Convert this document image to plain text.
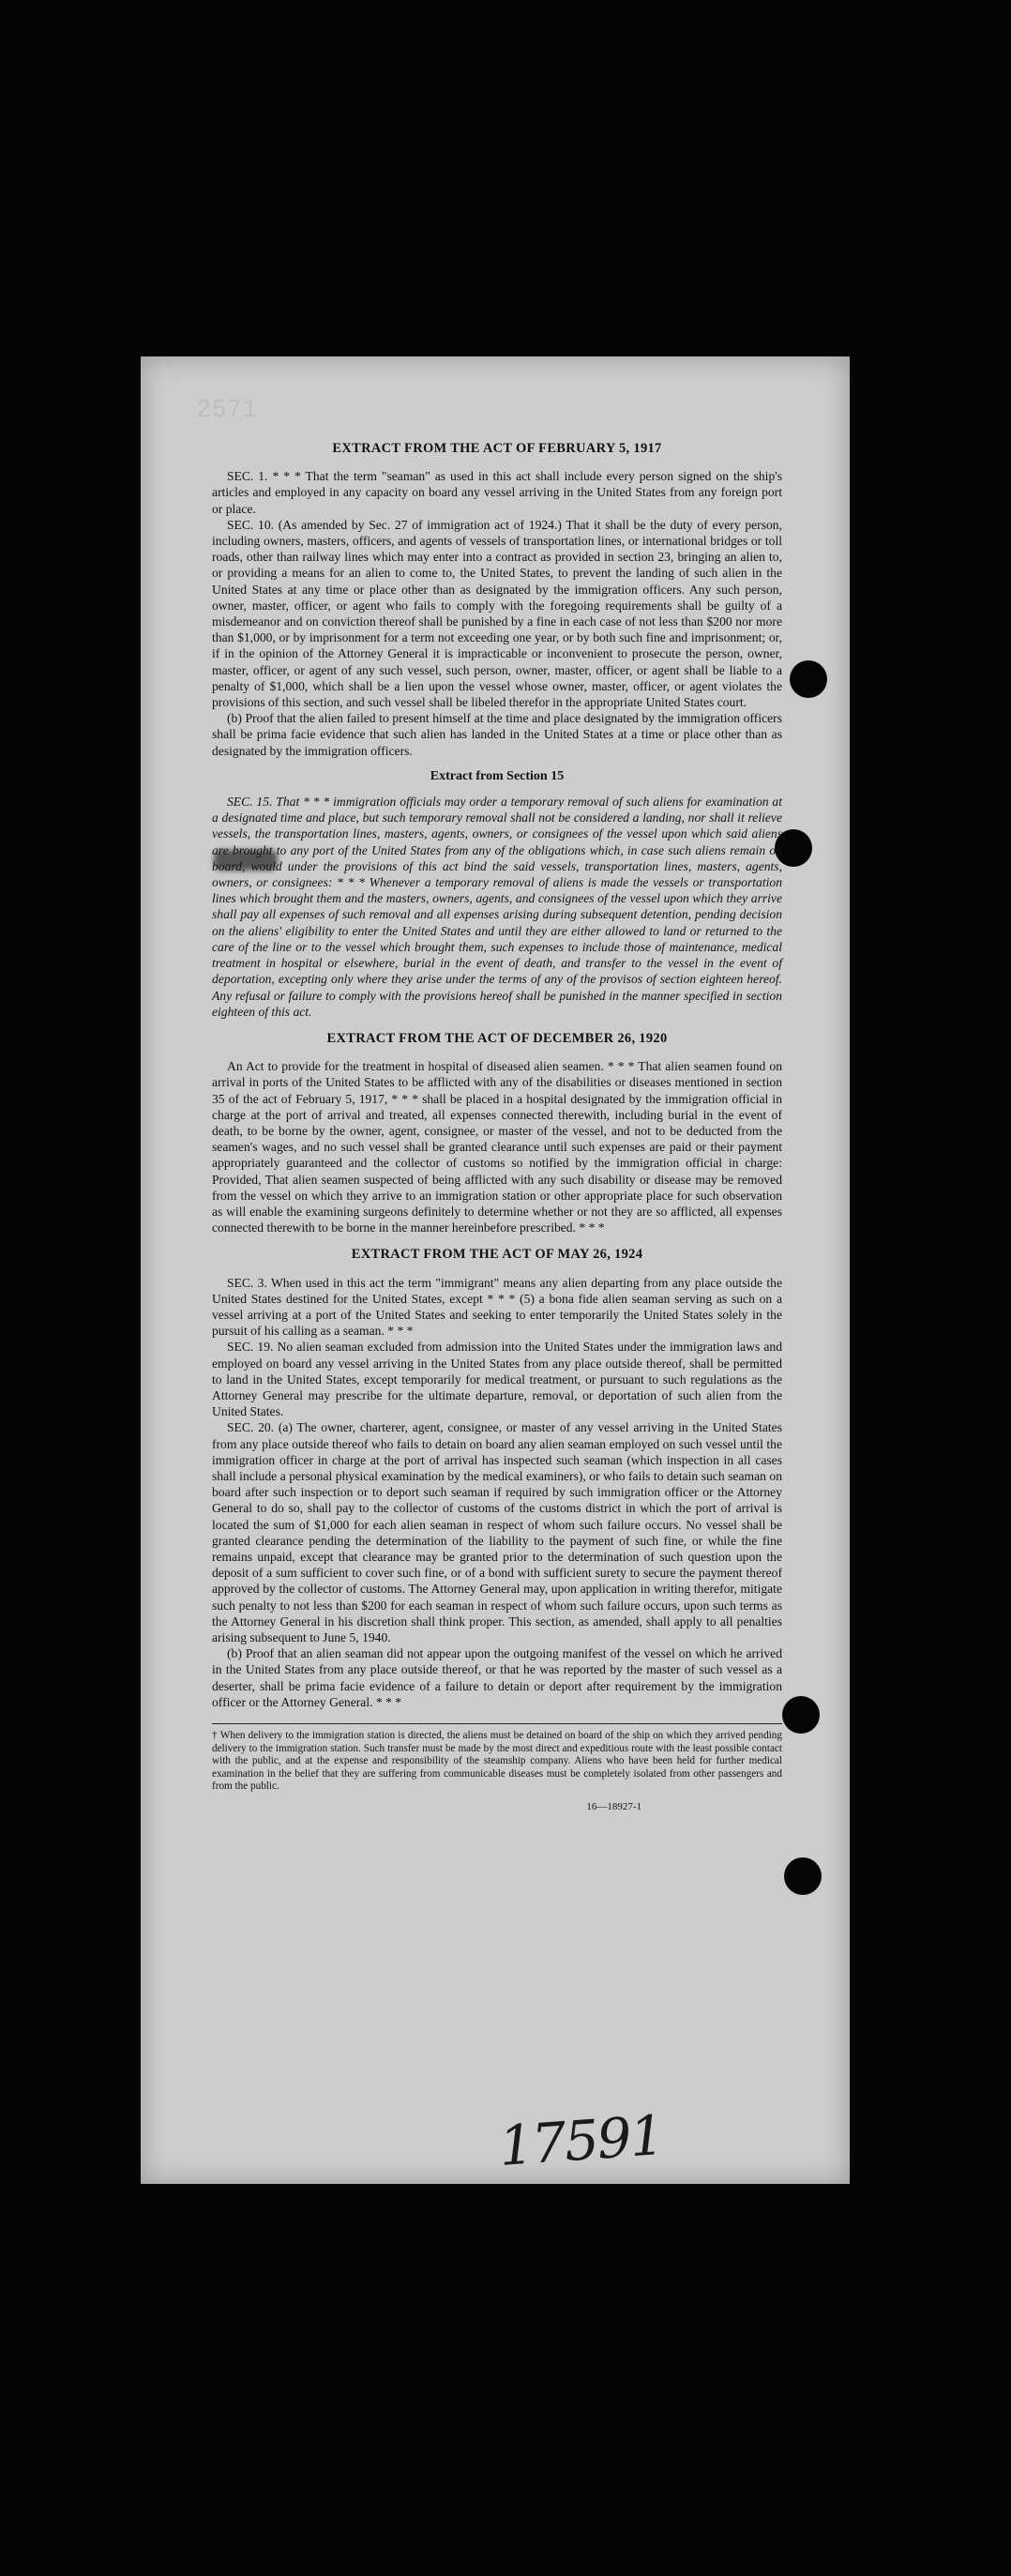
2571
EXTRACT FROM THE ACT OF FEBRUARY 5, 1917

SEC. 1. * * * That the term "seaman" as used in this act shall include every person signed on the ship's articles and employed in any capacity on board any vessel arriving in the United States from any foreign port or place.

SEC. 10. (As amended by Sec. 27 of immigration act of 1924.) That it shall be the duty of every person, including owners, masters, officers, and agents of vessels of transportation lines, or international bridges or toll roads, other than railway lines which may enter into a contract as provided in section 23, bringing an alien to, or providing a means for an alien to come to, the United States, to prevent the landing of such alien in the United States at any time or place other than as designated by the immigration officers. Any such person, owner, master, officer, or agent who fails to comply with the foregoing requirements shall be guilty of a misdemeanor and on conviction thereof shall be punished by a fine in each case of not less than $200 nor more than $1,000, or by imprisonment for a term not exceeding one year, or by both such fine and imprisonment; or, if in the opinion of the Attorney General it is impracticable or inconvenient to prosecute the person, owner, master, officer, or agent of any such vessel, such person, owner, master, officer, or agent shall be liable to a penalty of $1,000, which shall be a lien upon the vessel whose owner, master, officer, or agent violates the provisions of this section, and such vessel shall be libeled therefor in the appropriate United States court.

(b) Proof that the alien failed to present himself at the time and place designated by the immigration officers shall be prima facie evidence that such alien has landed in the United States at a time or place other than as designated by the immigration officers.

Extract from Section 15

SEC. 15. That * * * immigration officials may order a temporary removal of such aliens for examination at a designated time and place, but such temporary removal shall not be considered a landing, nor shall it relieve vessels, the transportation lines, masters, agents, owners, or consignees of the vessel upon which said aliens are brought to any port of the United States from any of the obligations which, in case such aliens remain on board, would under the provisions of this act bind the said vessels, transportation lines, masters, agents, owners, or consignees: * * * Whenever a temporary removal of aliens is made the vessels or transportation lines which brought them and the masters, owners, agents, and consignees of the vessel upon which they arrive shall pay all expenses of such removal and all expenses arising during subsequent detention, pending decision on the aliens' eligibility to enter the United States and until they are either allowed to land or returned to the care of the line or to the vessel which brought them, such expenses to include those of maintenance, medical treatment in hospital or elsewhere, burial in the event of death, and transfer to the vessel in the event of deportation, excepting only where they arise under the terms of any of the provisos of section eighteen hereof. Any refusal or failure to comply with the provisions hereof shall be punished in the manner specified in section eighteen of this act.

EXTRACT FROM THE ACT OF DECEMBER 26, 1920

An Act to provide for the treatment in hospital of diseased alien seamen. * * * That alien seamen found on arrival in ports of the United States to be afflicted with any of the disabilities or diseases mentioned in section 35 of the act of February 5, 1917, * * * shall be placed in a hospital designated by the immigration official in charge at the port of arrival and treated, all expenses connected therewith, including burial in the event of death, to be borne by the owner, agent, consignee, or master of the vessel, and not to be deducted from the seamen's wages, and no such vessel shall be granted clearance until such expenses are paid or their payment appropriately guaranteed and the collector of customs so notified by the immigration official in charge: Provided, That alien seamen suspected of being afflicted with any such disability or disease may be removed from the vessel on which they arrive to an immigration station or other appropriate place for such observation as will enable the examining surgeons definitely to determine whether or not they are so afflicted, all expenses connected therewith to be borne in the manner hereinbefore prescribed. * * *

EXTRACT FROM THE ACT OF MAY 26, 1924

SEC. 3. When used in this act the term "immigrant" means any alien departing from any place outside the United States destined for the United States, except * * * (5) a bona fide alien seaman serving as such on a vessel arriving at a port of the United States and seeking to enter temporarily the United States solely in the pursuit of his calling as a seaman. * * *

SEC. 19. No alien seaman excluded from admission into the United States under the immigration laws and employed on board any vessel arriving in the United States from any place outside thereof, shall be permitted to land in the United States, except temporarily for medical treatment, or pursuant to such regulations as the Attorney General may prescribe for the ultimate departure, removal, or deportation of such alien from the United States.

SEC. 20. (a) The owner, charterer, agent, consignee, or master of any vessel arriving in the United States from any place outside thereof who fails to detain on board any alien seaman employed on such vessel until the immigration officer in charge at the port of arrival has inspected such seaman (which inspection in all cases shall include a personal physical examination by the medical examiners), or who fails to detain such seaman on board after such inspection or to deport such seaman if required by such immigration officer or the Attorney General to do so, shall pay to the collector of customs of the customs district in which the port of arrival is located the sum of $1,000 for each alien seaman in respect of whom such failure occurs. No vessel shall be granted clearance pending the determination of the liability to the payment of such fine, or while the fine remains unpaid, except that clearance may be granted prior to the determination of such question upon the deposit of a sum sufficient to cover such fine, or of a bond with sufficient surety to secure the payment thereof approved by the collector of customs. The Attorney General may, upon application in writing therefor, mitigate such penalty to not less than $200 for each seaman in respect of whom such failure occurs, upon such terms as the Attorney General in his discretion shall think proper. This section, as amended, shall apply to all penalties arising subsequent to June 5, 1940.

(b) Proof that an alien seaman did not appear upon the outgoing manifest of the vessel on which he arrived in the United States from any place outside thereof, or that he was reported by the master of such vessel as a deserter, shall be prima facie evidence of a failure to detain or deport after requirement by the immigration officer or the Attorney General. * * *

† When delivery to the immigration station is directed, the aliens must be detained on board of the ship on which they arrived pending delivery to the immigration station. Such transfer must be made by the most direct and expeditious route with the least possible contact with the public, and at the expense and responsibility of the steamship company. Aliens who have been held for further medical examination in the belief that they are suffering from communicable diseases must be completely isolated from other passengers and from the public.
16—18927-1
17591
